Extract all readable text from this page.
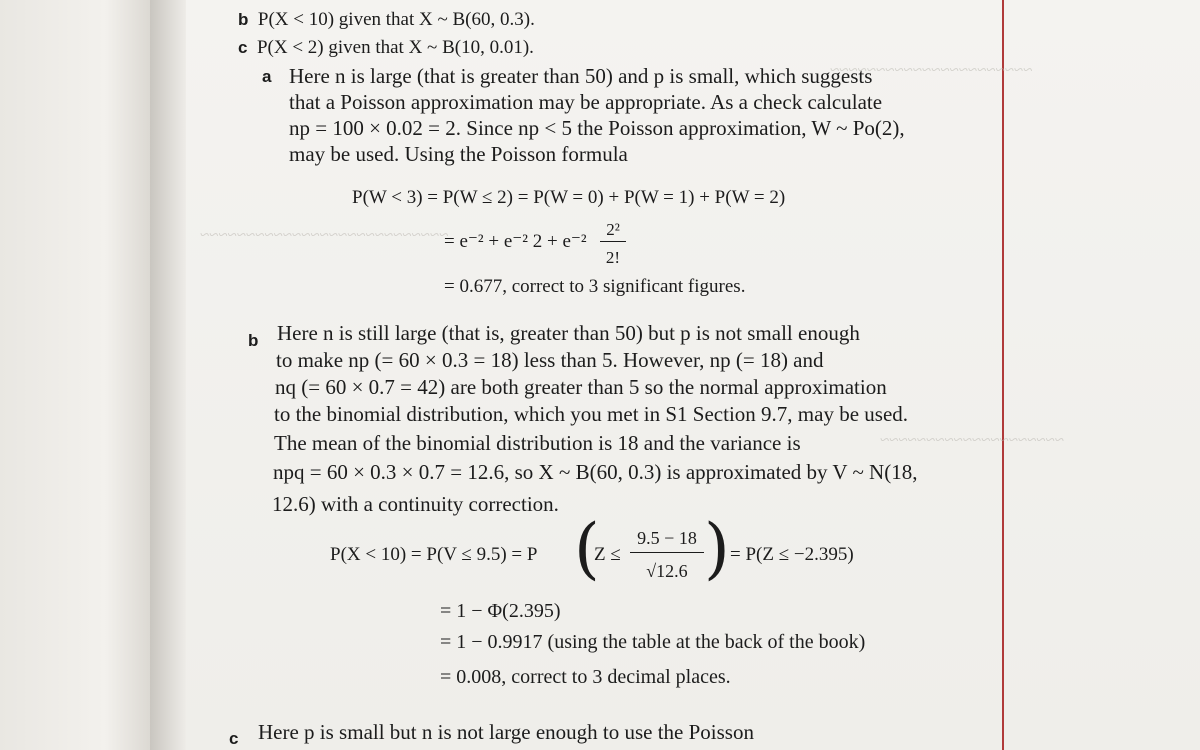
~~~~~~~~~~~~~~~~~~~~~~~~~~~
~~~~~~~~~~~~~~~~~~~~~~
~~~~~~~~~~~~~~~~~~~~
b P(X < 10) given that X ~ B(60, 0.3).
c P(X < 2) given that X ~ B(10, 0.01).
a Here n is large (that is greater than 50) and p is small, which suggests
that a Poisson approximation may be appropriate. As a check calculate
np = 100 × 0.02 = 2. Since np < 5 the Poisson approximation, W ~ Po(2),
may be used. Using the Poisson formula
P(W < 3) = P(W ≤ 2) = P(W = 0) + P(W = 1) + P(W = 2)
= e⁻² + e⁻² 2 + e⁻²
2²
2!
= 0.677, correct to 3 significant figures.
b Here n is still large (that is, greater than 50) but p is not small enough
to make np (= 60 × 0.3 = 18) less than 5. However, np (= 18) and
nq (= 60 × 0.7 = 42) are both greater than 5 so the normal approximation
to the binomial distribution, which you met in S1 Section 9.7, may be used.
The mean of the binomial distribution is 18 and the variance is
npq = 60 × 0.3 × 0.7 = 12.6, so X ~ B(60, 0.3) is approximated by V ~ N(18,
12.6) with a continuity correction.
P(X < 10) = P(V ≤ 9.5) = P (
Z ≤
9.5 − 18
√12.6 ) = P(Z ≤ −2.395)
= 1 − Φ(2.395)
= 1 − 0.9917 (using the table at the back of the book)
= 0.008, correct to 3 decimal places.
c Here p is small but n is not large enough to use the Poisson
